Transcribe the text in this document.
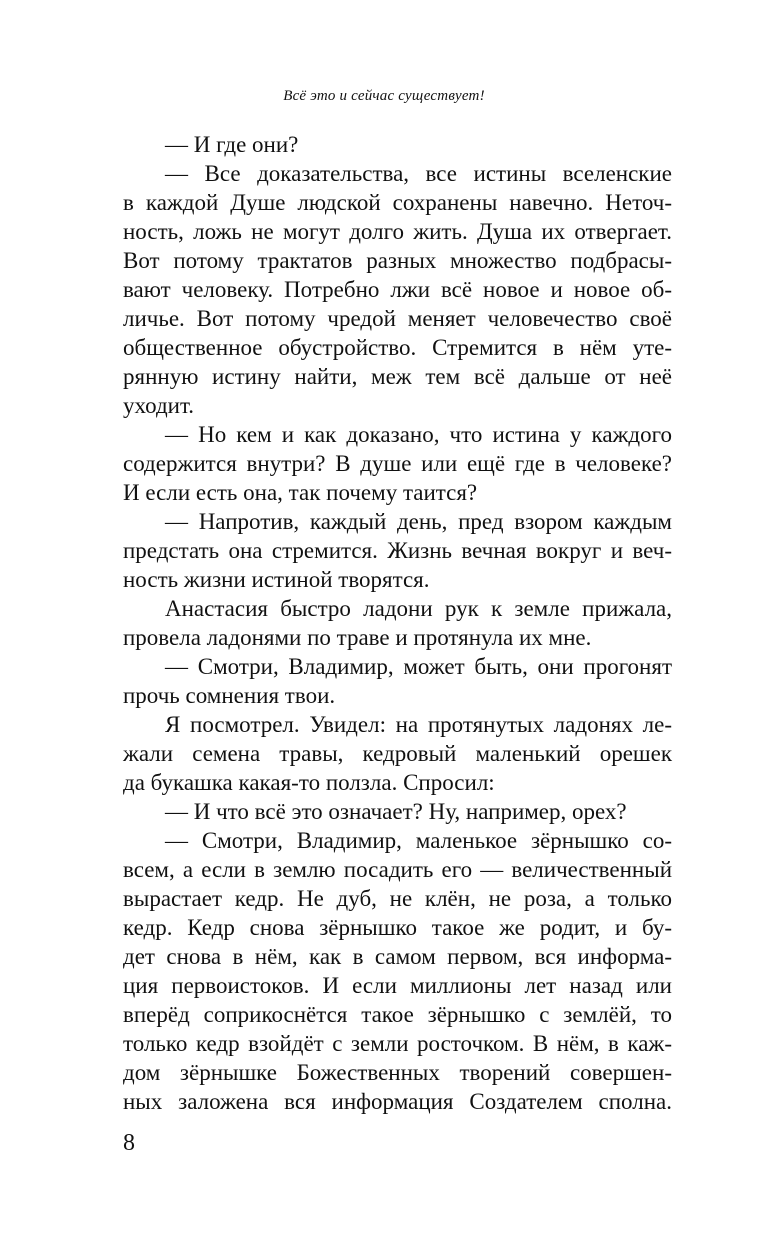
Всё это и сейчас существует!
— И где они?
— Все доказательства, все истины вселенские
в каждой Душе людской сохранены навечно. Неточ-
ность, ложь не могут долго жить. Душа их отвергает.
Вот потому трактатов разных множество подбрасы-
вают человеку. Потребно лжи всё новое и новое об-
личье. Вот потому чредой меняет человечество своё
общественное обустройство. Стремится в нём уте-
рянную истину найти, меж тем всё дальше от неё
уходит.
— Но кем и как доказано, что истина у каждого
содержится внутри? В душе или ещё где в человеке?
И если есть она, так почему таится?
— Напротив, каждый день, пред взором каждым
предстать она стремится. Жизнь вечная вокруг и веч-
ность жизни истиной творятся.
Анастасия быстро ладони рук к земле прижала,
провела ладонями по траве и протянула их мне.
— Смотри, Владимир, может быть, они прогонят
прочь сомнения твои.
Я посмотрел. Увидел: на протянутых ладонях ле-
жали семена травы, кедровый маленький орешек
да букашка какая-то ползла. Спросил:
— И что всё это означает? Ну, например, орех?
— Смотри, Владимир, маленькое зёрнышко со-
всем, а если в землю посадить его — величественный
вырастает кедр. Не дуб, не клён, не роза, а только
кедр. Кедр снова зёрнышко такое же родит, и бу-
дет снова в нём, как в самом первом, вся информа-
ция первоистоков. И если миллионы лет назад или
вперёд соприкоснётся такое зёрнышко с землёй, то
только кедр взойдёт с земли росточком. В нём, в каж-
дом зёрнышке Божественных творений совершен-
ных заложена вся информация Создателем сполна.
8
